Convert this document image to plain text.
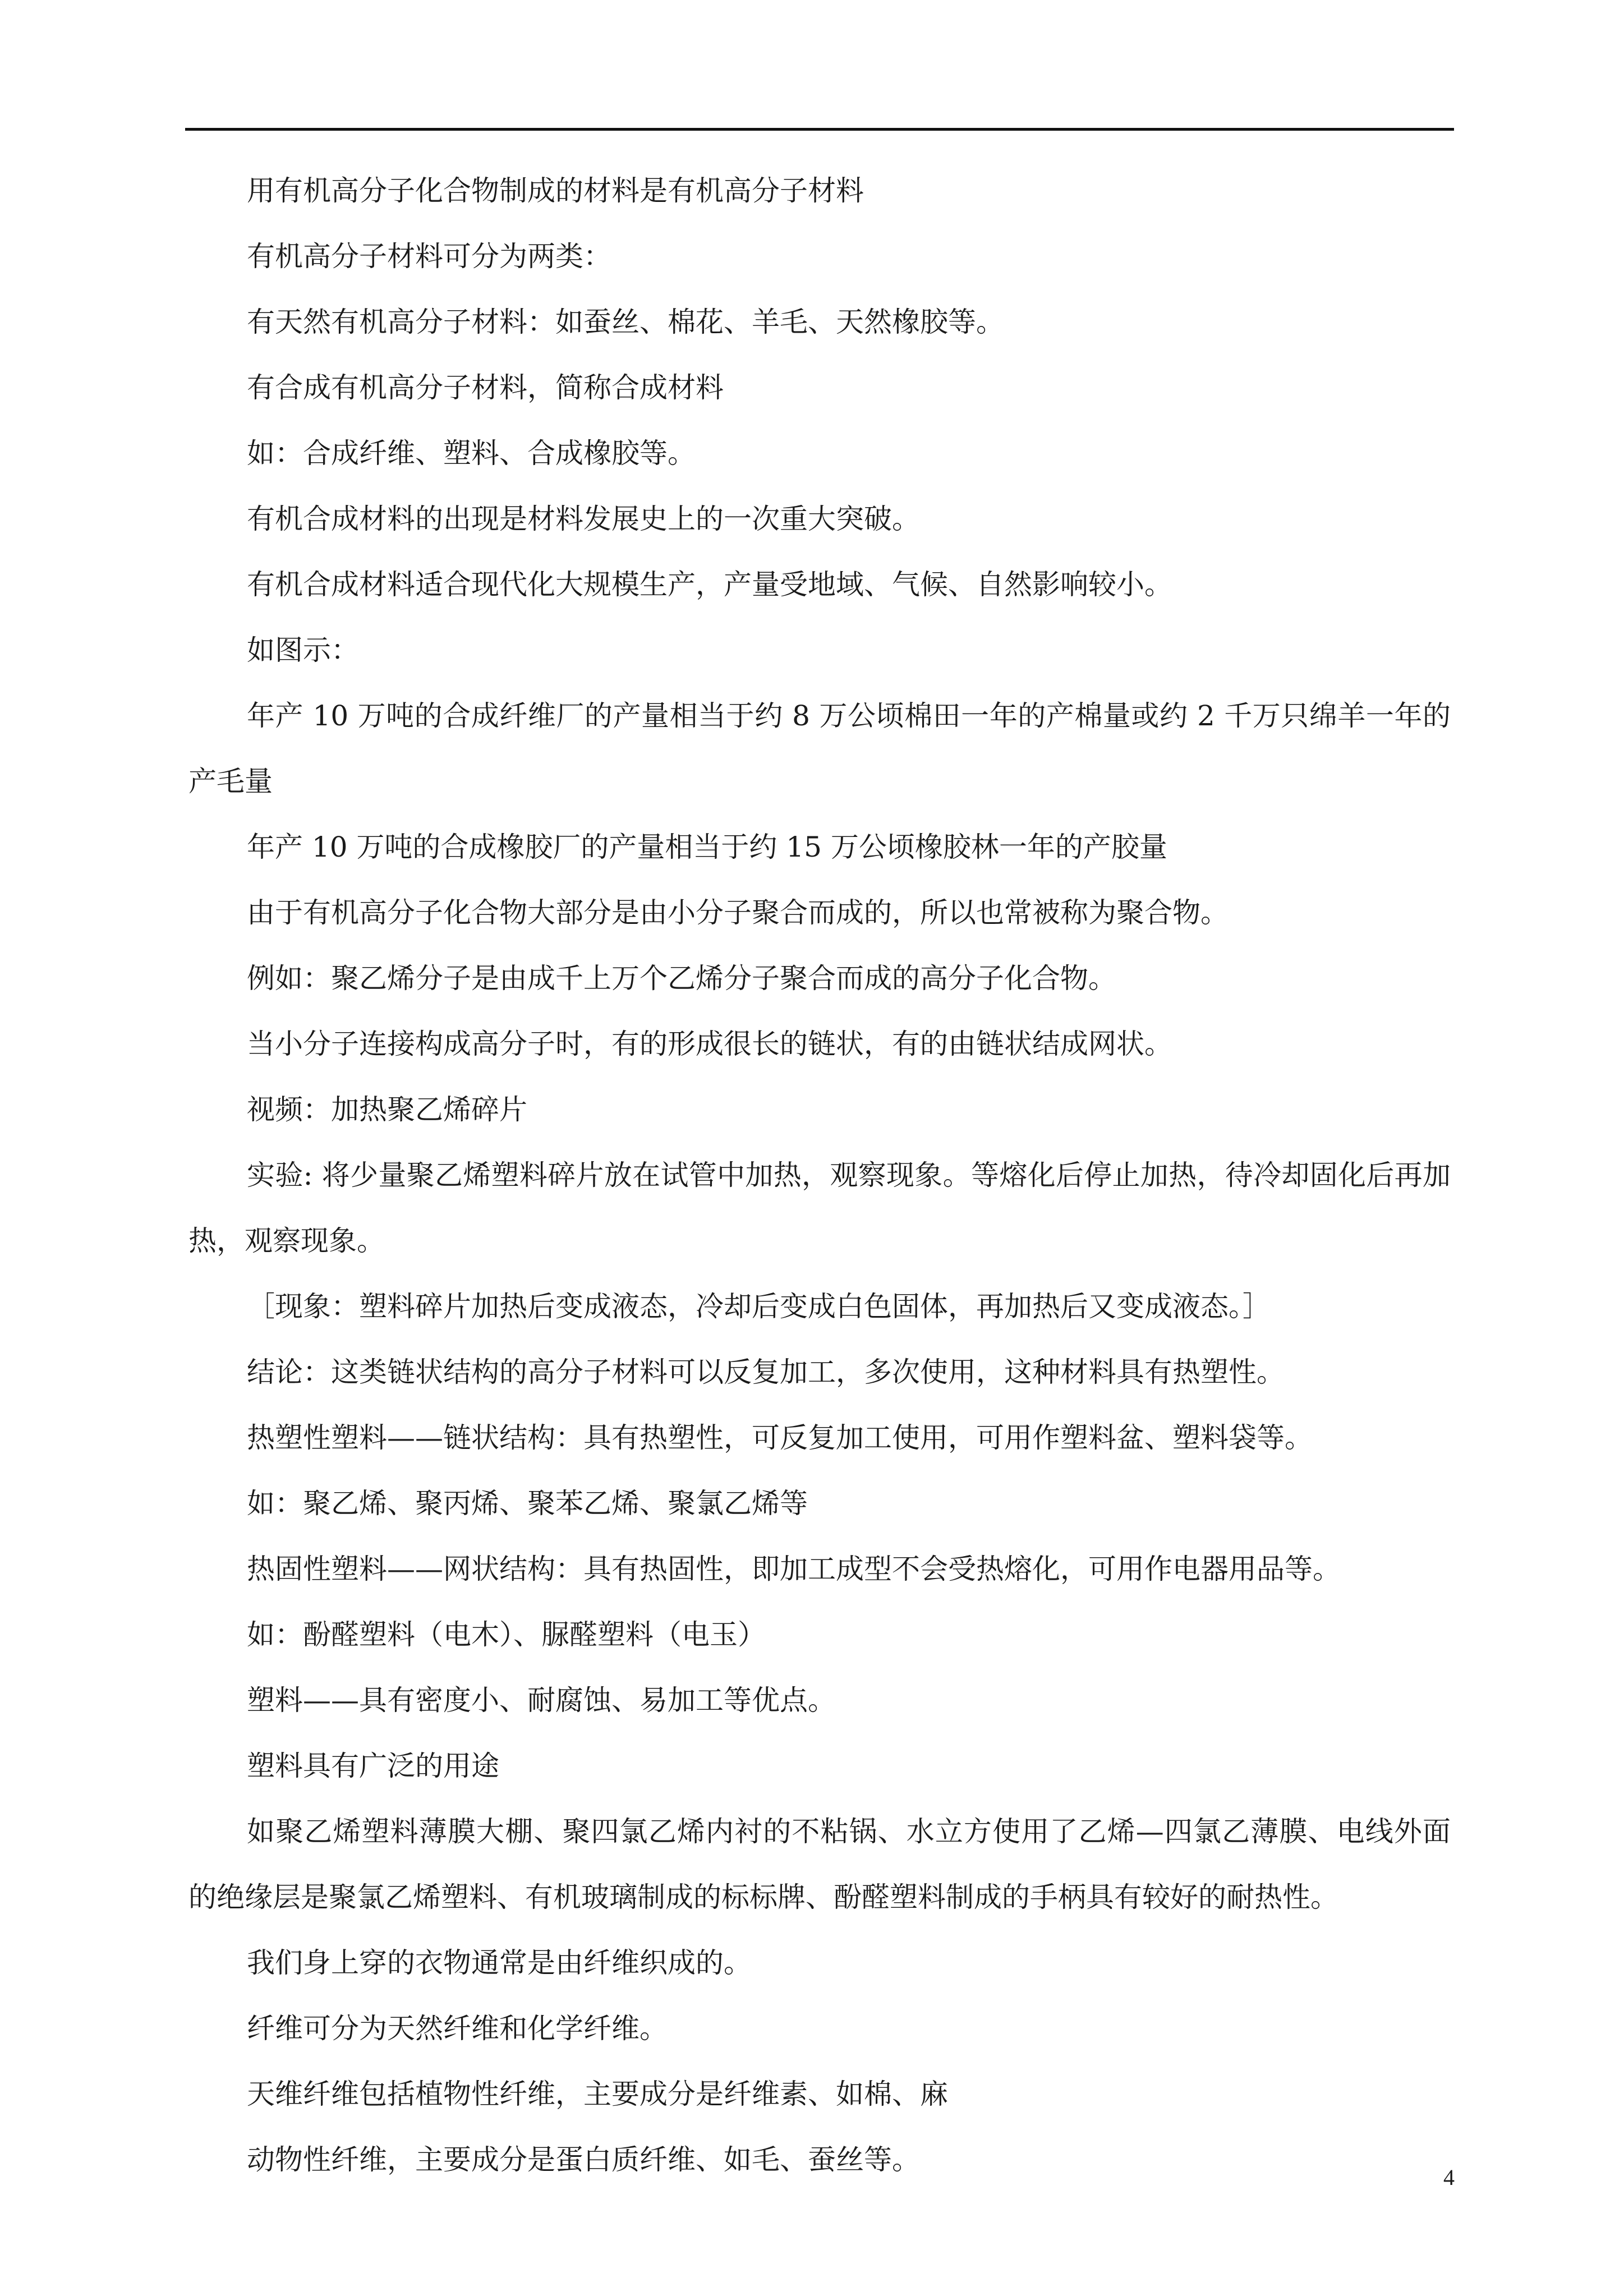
用有机高分子化合物制成的材料是有机高分子材料

有机高分子材料可分为两类：

有天然有机高分子材料：如蚕丝、棉花、羊毛、天然橡胶等。

有合成有机高分子材料，简称合成材料

如：合成纤维、塑料、合成橡胶等。

有机合成材料的出现是材料发展史上的一次重大突破。

有机合成材料适合现代化大规模生产，产量受地域、气候、自然影响较小。

如图示：

年产 10 万吨的合成纤维厂的产量相当于约 8 万公顷棉田一年的产棉量或约 2 千万只绵羊一年的产毛量

年产 10 万吨的合成橡胶厂的产量相当于约 15 万公顷橡胶林一年的产胶量

由于有机高分子化合物大部分是由小分子聚合而成的，所以也常被称为聚合物。

例如：聚乙烯分子是由成千上万个乙烯分子聚合而成的高分子化合物。

当小分子连接构成高分子时，有的形成很长的链状，有的由链状结成网状。

视频：加热聚乙烯碎片

实验: 将少量聚乙烯塑料碎片放在试管中加热，观察现象。等熔化后停止加热，待冷却固化后再加热，观察现象。

［现象：塑料碎片加热后变成液态，冷却后变成白色固体，再加热后又变成液态。］

结论：这类链状结构的高分子材料可以反复加工，多次使用，这种材料具有热塑性。

热塑性塑料——链状结构：具有热塑性，可反复加工使用，可用作塑料盆、塑料袋等。

如：聚乙烯、聚丙烯、聚苯乙烯、聚氯乙烯等

热固性塑料——网状结构：具有热固性，即加工成型不会受热熔化，可用作电器用品等。

如：酚醛塑料（电木）、脲醛塑料（电玉）

塑料——具有密度小、耐腐蚀、易加工等优点。

塑料具有广泛的用途

如聚乙烯塑料薄膜大棚、聚四氯乙烯内衬的不粘锅、水立方使用了乙烯—四氯乙薄膜、电线外面的绝缘层是聚氯乙烯塑料、有机玻璃制成的标标牌、酚醛塑料制成的手柄具有较好的耐热性。

我们身上穿的衣物通常是由纤维织成的。

纤维可分为天然纤维和化学纤维。

天维纤维包括植物性纤维，主要成分是纤维素、如棉、麻

动物性纤维，主要成分是蛋白质纤维、如毛、蚕丝等。

4
